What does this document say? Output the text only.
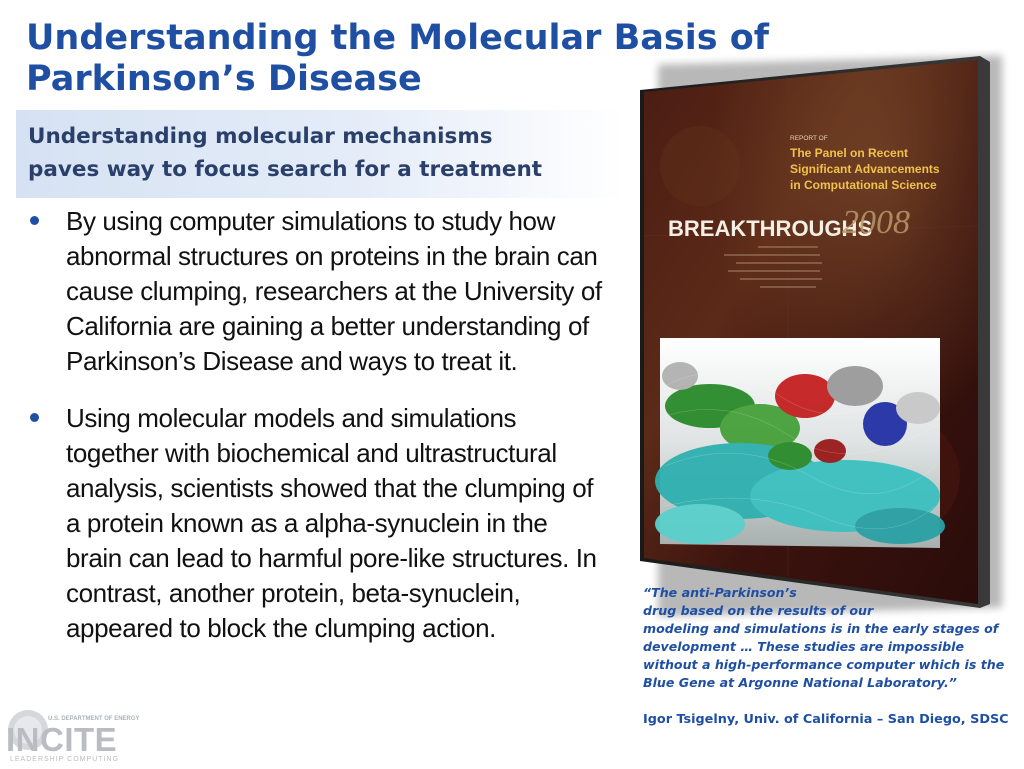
Understanding the Molecular Basis of Parkinson’s Disease
Understanding molecular mechanisms
paves way to focus search for a treatment
By using computer simulations to study how abnormal structures on proteins in the brain can cause clumping, researchers at the University of California are gaining a better understanding of Parkinson’s Disease and ways to treat it.
Using molecular models and simulations together with biochemical and ultrastructural analysis, scientists showed that the clumping of a protein known as a alpha-synuclein in the brain can lead to harmful pore-like structures. In contrast, another protein, beta-synuclein, appeared to block the clumping action.
REPORT OF
The Panel on Recent
Significant Advancements
in Computational Science
BREAKTHROUGHS
2008
“The anti-Parkinson’s
drug based on the results of our
modeling and simulations is in the early stages of
development … These studies are impossible
without a high-performance computer which is the
Blue Gene at Argonne National Laboratory.”
Igor Tsigelny, Univ. of California – San Diego, SDSC
U.S. DEPARTMENT OF ENERGY
INCITE
LEADERSHIP COMPUTING
